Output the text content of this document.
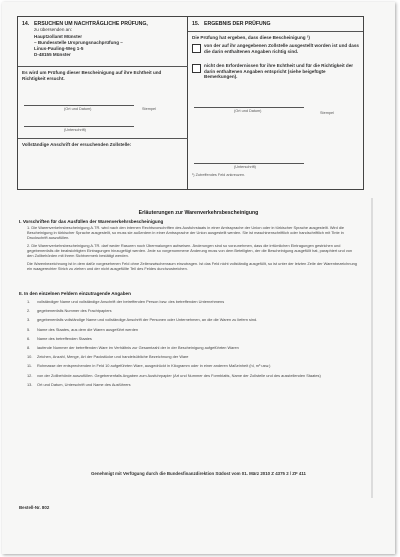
14. ERSUCHEN UM NACHTRÄGLICHE PRÜFUNG,
zu übersenden an:
Hauptzollamt Münster
– Bundesstelle Ursprungsnachprüfung –
Linus-Pauling-Weg 1-5
D-48155 Münster
Es wird um Prüfung dieser Bescheinigung auf ihre Echtheit und Richtigkeit ersucht.
(Ort und Datum)	Stempel
(Unterschrift)
Vollständige Anschrift der ersuchenden Zollstelle:
15. ERGEBNIS DER PRÜFUNG
Die Prüfung hat ergeben, dass diese Bescheinigung ¹)
von der auf ihr angegebenen Zollstelle ausgestellt worden ist und dass die darin enthaltenen Angaben richtig sind.
nicht den Erfordernissen für ihre Echtheit und für die Richtigkeit der darin enthaltenen Angaben entspricht (siehe beigefügte Bemerkungen).
(Ort und Datum)	Stempel
(Unterschrift)
¹) Zutreffendes Feld ankreuzen.
Erläuterungen zur Warenverkehrsbescheinigung
I. Vorschriften für das Ausfüllen der Warenverkehrsbescheinigung

1. Die Warenverkehrsbescheinigung A.TR. wird nach den internen Rechtsvorschriften des Ausfuhrstaats in einer Amtssprache der Union oder in türkischer Sprache ausgestellt. Wird die Bescheinigung in türkischer Sprache ausgestellt, so muss sie außerdem in einer Amtssprache der Union ausgestellt werden. Sie ist maschinenschriftlich oder handschriftlich mit Tinte in Druckschrift auszufüllen.

2. Die Warenverkehrsbescheinigung A.TR. darf weder Rasuren noch Übermalungen aufweisen. Änderungen sind so vorzunehmen, dass die irrtümlichen Eintragungen gestrichen und gegebenenfalls die beabsichtigten Eintragungen hinzugefügt werden. Jede so vorgenommene Änderung muss von dem Beteiligten, der die Bescheinigung ausgefüllt hat, paraphiert und von den Zollbehörden mit ihrem Sichtvermerk bestätigt werden.

Die Warenbezeichnung ist in dem dafür vorgesehenen Feld ohne Zeilenzwischenraum einzutragen. Ist das Feld nicht vollständig ausgefüllt, so ist unter der letzten Zeile der Warenbezeichnung ein waagerechter Strich zu ziehen und der nicht ausgefüllte Teil des Feldes durchzustreichen.

II. In den einzelnen Feldern einzutragende Angaben
1. vollständiger Name und vollständige Anschrift der betreffenden Person bzw. des betreffenden Unternehmens
2. gegebenenfalls Nummer des Frachtpapiers
3. gegebenenfalls vollständige Name und vollständige Anschrift der Personen oder Unternehmen, an die die Waren zu liefern sind.
5. Name des Staates, aus dem die Waren ausgeführt werden
6. Name des betreffenden Staates
8. laufende Nummer der betreffenden Ware im Verhältnis zur Gesamtzahl der in der Bescheinigung aufgeführten Waren
10. Zeichen, Anzahl, Menge, Art der Packstücke und handelsübliche Bezeichnung der Ware
11. Rohmasse der entsprechenden in Feld 10 aufgeführten Ware, ausgedrückt in Kilogramm oder in einer anderen Maßeinheit (hl, m³ usw.)
12. von der Zollbehörde auszufüllen. Gegebenenfalls Angaben zum Ausfuhrpapier (Art und Nummer des Formblatts, Name der Zollstelle und des ausstellenden Staates)
13. Ort und Datum, Unterschrift und Name des Ausführers
Genehmigt mit Verfügung durch die Bundesfinanzdirektion Südost vom 01. März 2010 Z 4375 2 / ZF 411
Bestell-Nr. 802
